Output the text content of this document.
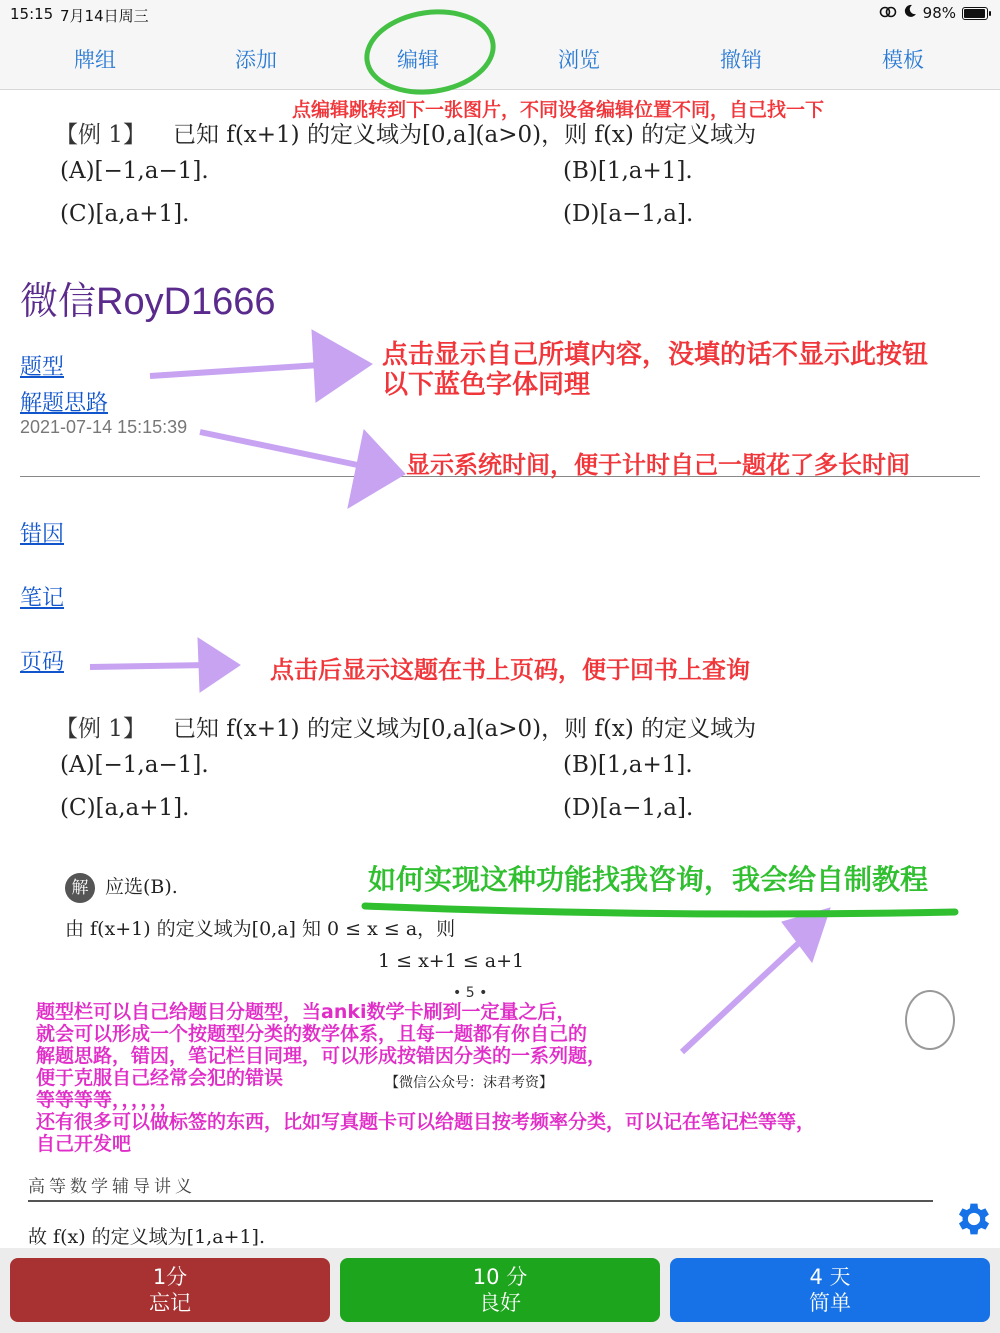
15:15 7月14日周三	98%
牌组	添加	编辑	浏览	撤销	模板
点编辑跳转到下一张图片，不同设备编辑位置不同，自己找一下
【例 1】 已知 f(x+1) 的定义域为[0,a](a>0)，则 f(x) 的定义域为
(A)[−1,a−1].	(B)[1,a+1].
(C)[a,a+1].	(D)[a−1,a].
微信RoyD1666
题型
解题思路
2021-07-14 15:15:39
错因
笔记
页码
点击显示自己所填内容，没填的话不显示此按钮
以下蓝色字体同理
显示系统时间，便于计时自己一题花了多长时间
点击后显示这题在书上页码，便于回书上查询
【例 1】 已知 f(x+1) 的定义域为[0,a](a>0)，则 f(x) 的定义域为
(A)[−1,a−1].	(B)[1,a+1].
(C)[a,a+1].	(D)[a−1,a].
解 应选(B).	如何实现这种功能找我咨询，我会给自制教程
由 f(x+1) 的定义域为[0,a] 知 0 ≤ x ≤ a，则
1 ≤ x+1 ≤ a+1
• 5 •
题型栏可以自己给题目分题型，当anki数学卡刷到一定量之后，
就会可以形成一个按题型分类的数学体系，且每一题都有你自己的
解题思路，错因，笔记栏目同理，可以形成按错因分类的一系列题，
便于克服自己经常会犯的错误
等等等等，，，，，，
还有很多可以做标签的东西，比如写真题卡可以给题目按考频率分类，可以记在笔记栏等等，
自己开发吧
【微信公众号：沫君考资】
高等数学辅导讲义
故 f(x) 的定义域为[1,a+1].
1分
忘记
10 分
良好
4 天
简单
